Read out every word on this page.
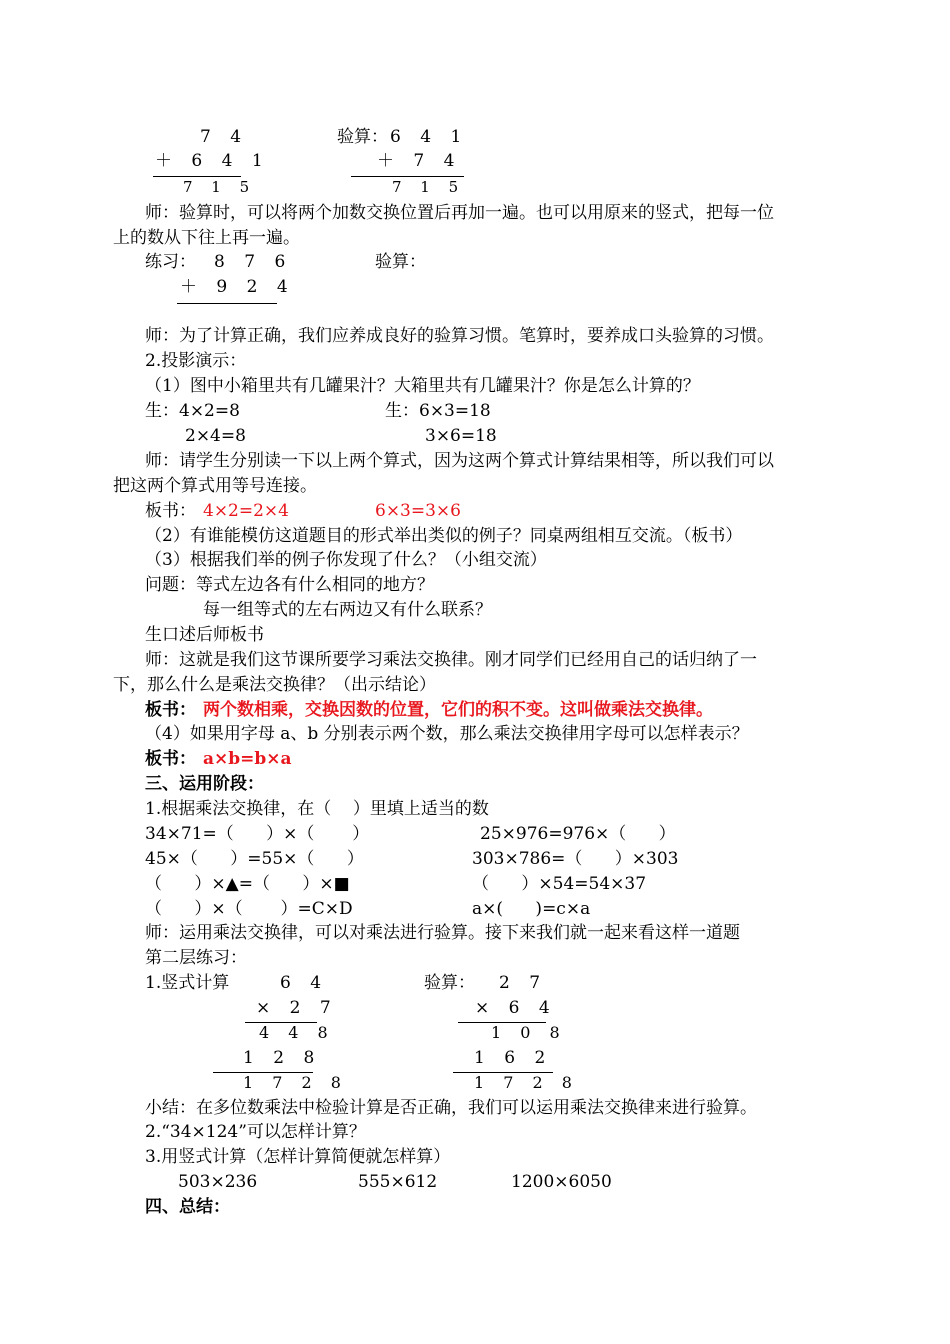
7 4
＋ 6 4 1
7 1 5
验算： 6 4 1
＋ 7 4
7 1 5
师：验算时，可以将两个加数交换位置后再加一遍。也可以用原来的竖式，把每一位
上的数从下往上再一遍。
练习： 8 7 6	验算：
＋ 9 2 4
师：为了计算正确，我们应养成良好的验算习惯。笔算时，要养成口头验算的习惯。
2.投影演示：
（1）图中小箱里共有几罐果汁？大箱里共有几罐果汁？你是怎么计算的？
生：4×2=8	生：6×3=18
2×4=8	3×6=18
师：请学生分别读一下以上两个算式，因为这两个算式计算结果相等，所以我们可以
把这两个算式用等号连接。
板书： 4×2=2×4	6×3=3×6
（2）有谁能模仿这道题目的形式举出类似的例子？同桌两组相互交流。（板书）
（3）根据我们举的例子你发现了什么？（小组交流）
问题：等式左边各有什么相同的地方？
每一组等式的左右两边又有什么联系？
生口述后师板书
师：这就是我们这节课所要学习乘法交换律。刚才同学们已经用自己的话归纳了一
下，那么什么是乘法交换律？（出示结论）
板书： 两个数相乘，交换因数的位置，它们的积不变。这叫做乘法交换律。
（4）如果用字母 a、b 分别表示两个数，那么乘法交换律用字母可以怎样表示？
板书： a×b=b×a
三、运用阶段：
1.根据乘法交换律，在（    ）里填上适当的数
34×71=（      ）×（       ）	25×976=976×（      ）
45×（      ）=55×（      ）	303×786=（      ）×303
（      ）×▲=（      ）×■	（      ）×54=54×37
（      ）×（       ）=C×D	a×(      )=c×a
师：运用乘法交换律，可以对乘法进行验算。接下来我们就一起来看这样一道题
第二层练习：
1.竖式计算	6 4
× 2 7
4 4 8
1 2 8
1 7 2 8
验算： 2 7
× 6 4
1 0 8
1 6 2
1 7 2 8
小结：在多位数乘法中检验计算是否正确，我们可以运用乘法交换律来进行验算。
2.“34×124”可以怎样计算？
3.用竖式计算（怎样计算简便就怎样算）
503×236	555×612	1200×6050
四、总结：
